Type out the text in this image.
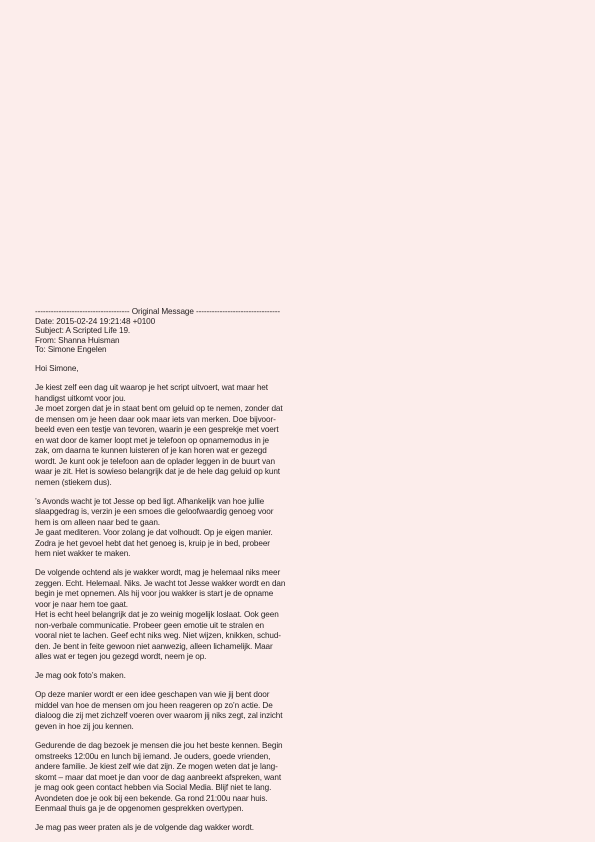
------------------------------------ Original Message --------------------------------
Date: 2015-02-24 19:21:48 +0100
Subject: A Scripted Life 19.
From: Shanna Huisman
To: Simone Engelen
Hoi Simone,
Je kiest zelf een dag uit waarop je het script uitvoert, wat maar het
handigst uitkomt voor jou.
Je moet zorgen dat je in staat bent om geluid op te nemen, zonder dat
de mensen om je heen daar ook maar iets van merken. Doe bijvoor-
beeld even een testje van tevoren, waarin je een gesprekje met voert
en wat door de kamer loopt met je telefoon op opnamemodus in je
zak, om daarna te kunnen luisteren of je kan horen wat er gezegd
wordt. Je kunt ook je telefoon aan de oplader leggen in de buurt van
waar je zit. Het is sowieso belangrijk dat je de hele dag geluid op kunt
nemen (stiekem dus).
’s Avonds wacht je tot Jesse op bed ligt. Afhankelijk van hoe jullie
slaapgedrag is, verzin je een smoes die geloofwaardig genoeg voor
hem is om alleen naar bed te gaan.
Je gaat mediteren. Voor zolang je dat volhoudt. Op je eigen manier.
Zodra je het gevoel hebt dat het genoeg is, kruip je in bed, probeer
hem niet wakker te maken.
De volgende ochtend als je wakker wordt, mag je helemaal niks meer
zeggen. Echt. Helemaal. Niks. Je wacht tot Jesse wakker wordt en dan
begin je met opnemen. Als hij voor jou wakker is start je de opname
voor je naar hem toe gaat.
Het is echt heel belangrijk dat je zo weinig mogelijk loslaat. Ook geen
non-verbale communicatie. Probeer geen emotie uit te stralen en
vooral niet te lachen. Geef echt niks weg. Niet wijzen, knikken, schud-
den. Je bent in feite gewoon niet aanwezig, alleen lichamelijk. Maar
alles wat er tegen jou gezegd wordt, neem je op.
Je mag ook foto’s maken.
Op deze manier wordt er een idee geschapen van wie jij bent door
middel van hoe de mensen om jou heen reageren op zo’n actie. De
dialoog die zij met zichzelf voeren over waarom jij niks zegt, zal inzicht
geven in hoe zij jou kennen.
Gedurende de dag bezoek je mensen die jou het beste kennen. Begin
omstreeks 12:00u en lunch bij iemand. Je ouders, goede vrienden,
andere familie. Je kiest zelf wie dat zijn. Ze mogen weten dat je lang-
skomt – maar dat moet je dan voor de dag aanbreekt afspreken, want
je mag ook geen contact hebben via Social Media. Blijf niet te lang.
Avondeten doe je ook bij een bekende. Ga rond 21:00u naar huis.
Eenmaal thuis ga je de opgenomen gesprekken overtypen.
Je mag pas weer praten als je de volgende dag wakker wordt.
